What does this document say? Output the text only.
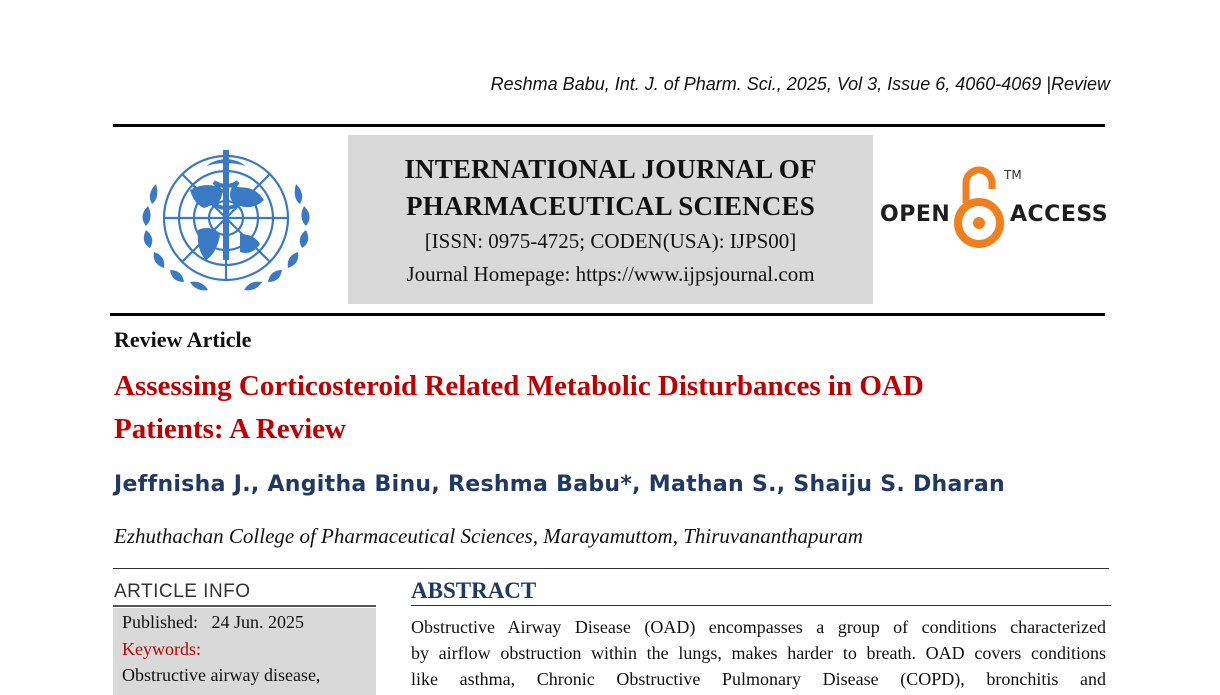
Reshma Babu, Int. J. of Pharm. Sci., 2025, Vol 3, Issue 6, 4060-4069 |Review
INTERNATIONAL JOURNAL OF
PHARMACEUTICAL SCIENCES
[ISSN: 0975-4725; CODEN(USA): IJPS00]
Journal Homepage: https://www.ijpsjournal.com
OPEN
TM
ACCESS
Review Article
Assessing Corticosteroid Related Metabolic Disturbances in OAD
Patients: A Review
Jeffnisha J., Angitha Binu, Reshma Babu*, Mathan S., Shaiju S. Dharan
Ezhuthachan College of Pharmaceutical Sciences, Marayamuttom, Thiruvananthapuram
ARTICLE INFO
Published: 24 Jun. 2025
Keywords:
Obstructive airway disease,
ABSTRACT
Obstructive Airway Disease (OAD) encompasses a group of conditions characterized
by airflow obstruction within the lungs, makes harder to breath. OAD covers conditions
like asthma, Chronic Obstructive Pulmonary Disease (COPD), bronchitis and
